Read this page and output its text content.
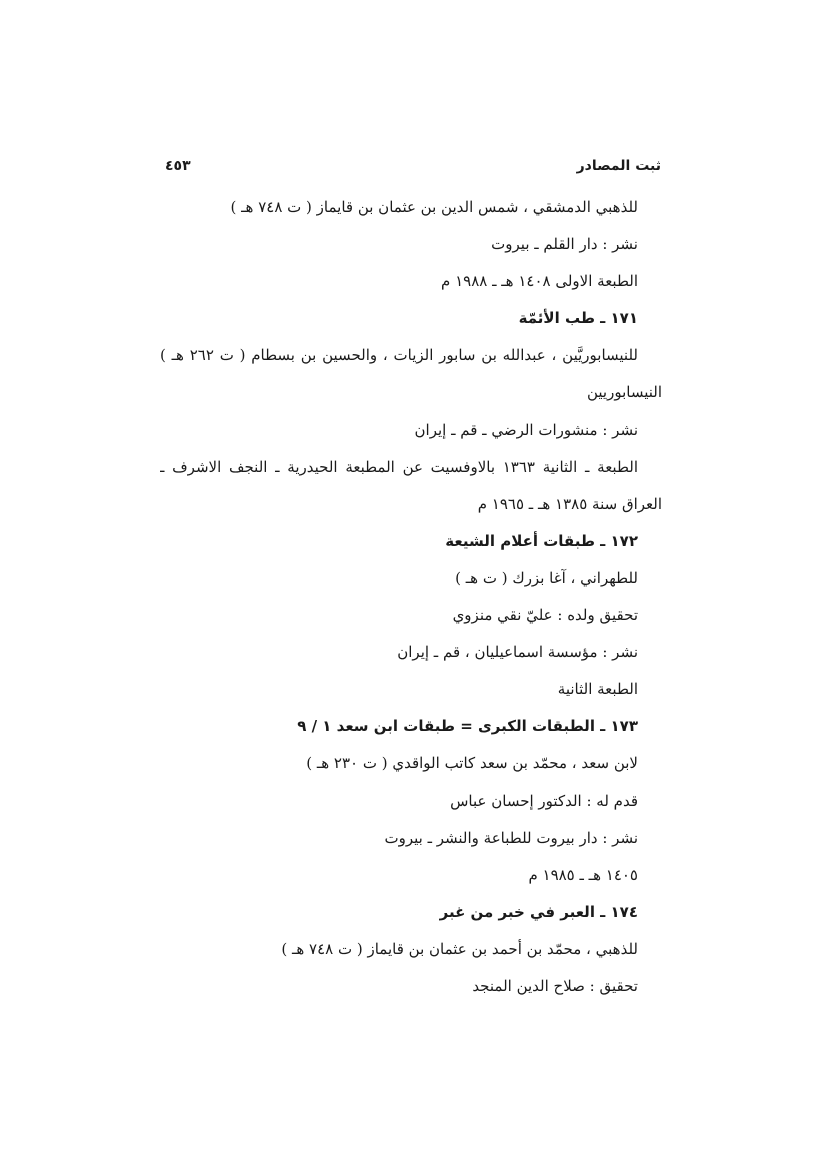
ثبت المصادر
٤٥٣
للذهبي الدمشقي ، شمس الدين بن عثمان بن قايماز ( ت ٧٤٨ هـ )
نشر : دار القلم ـ بيروت
الطبعة الاولى ١٤٠٨ هـ ـ ١٩٨٨ م
١٧١ ـ طب الأئمّة
للنيسابوريَّين ، عبدالله بن سابور الزيات ، والحسين بن بسطام ( ت ٢٦٢ هـ )
النيسابوريين
نشر : منشورات الرضي ـ قم ـ إيران
الطبعة ـ الثانية ١٣٦٣ بالاوفسيت عن المطبعة الحيدرية ـ النجف الاشرف ـ
العراق سنة ١٣٨٥ هـ ـ ١٩٦٥ م
١٧٢ ـ طبقات أعلام الشيعة
للطهراني ، آغا بزرك ( ت هـ )
تحقيق ولده : عليّ نقي منزوي
نشر : مؤسسة اسماعيليان ، قم ـ إيران
الطبعة الثانية
١٧٣ ـ الطبقات الكبرى = طبقات ابن سعد ١ / ٩
لابن سعد ، محمّد بن سعد كاتب الواقدي ( ت ٢٣٠ هـ )
قدم له : الدكتور إحسان عباس
نشر : دار بيروت للطباعة والنشر ـ بيروت
١٤٠٥ هـ ـ ١٩٨٥ م
١٧٤ ـ العبر في خبر من غبر
للذهبي ، محمّد بن أحمد بن عثمان بن قايماز ( ت ٧٤٨ هـ )
تحقيق : صلاح الدين المنجد
